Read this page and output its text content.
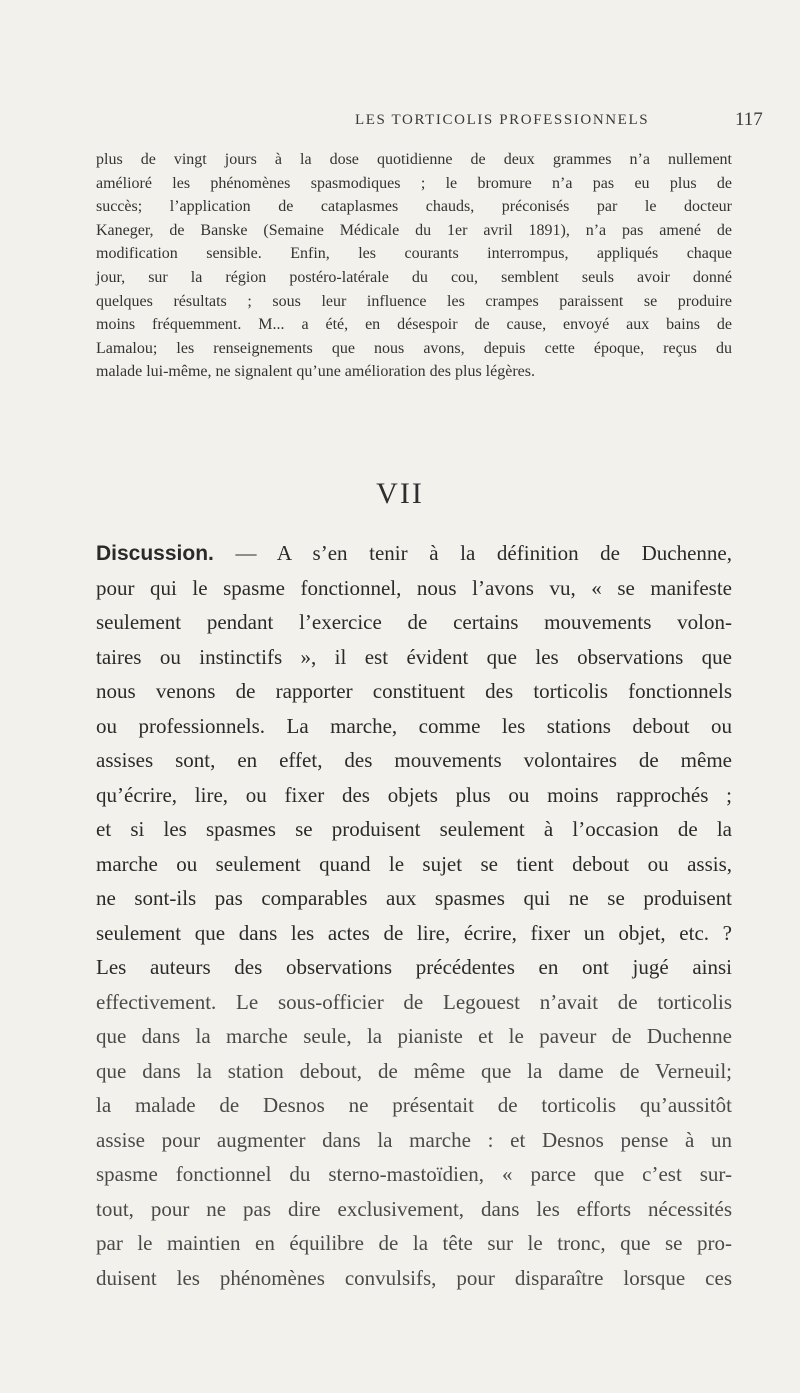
LES TORTICOLIS PROFESSIONNELS	117
plus de vingt jours à la dose quotidienne de deux grammes n’a nullement
amélioré les phénomènes spasmodiques ; le bromure n’a pas eu plus de
succès; l’application de cataplasmes chauds, préconisés par le docteur
Kaneger, de Banske (Semaine Médicale du 1er avril 1891), n’a pas amené de
modification sensible. Enfin, les courants interrompus, appliqués chaque
jour, sur la région postéro-latérale du cou, semblent seuls avoir donné
quelques résultats ; sous leur influence les crampes paraissent se produire
moins fréquemment. M... a été, en désespoir de cause, envoyé aux bains de
Lamalou; les renseignements que nous avons, depuis cette époque, reçus du
malade lui-même, ne signalent qu’une amélioration des plus légères.
VII
Discussion. — A s’en tenir à la définition de Duchenne,
pour qui le spasme fonctionnel, nous l’avons vu, « se manifeste
seulement pendant l’exercice de certains mouvements volon-
taires ou instinctifs », il est évident que les observations que
nous venons de rapporter constituent des torticolis fonctionnels
ou professionnels. La marche, comme les stations debout ou
assises sont, en effet, des mouvements volontaires de même
qu’écrire, lire, ou fixer des objets plus ou moins rapprochés ;
et si les spasmes se produisent seulement à l’occasion de la
marche ou seulement quand le sujet se tient debout ou assis,
ne sont-ils pas comparables aux spasmes qui ne se produisent
seulement que dans les actes de lire, écrire, fixer un objet, etc. ?
Les auteurs des observations précédentes en ont jugé ainsi
effectivement. Le sous-officier de Legouest n’avait de torticolis
que dans la marche seule, la pianiste et le paveur de Duchenne
que dans la station debout, de même que la dame de Verneuil;
la malade de Desnos ne présentait de torticolis qu’aussitôt
assise pour augmenter dans la marche : et Desnos pense à un
spasme fonctionnel du sterno-mastoïdien, « parce que c’est sur-
tout, pour ne pas dire exclusivement, dans les efforts nécessités
par le maintien en équilibre de la tête sur le tronc, que se pro-
duisent les phénomènes convulsifs, pour disparaître lorsque ces
